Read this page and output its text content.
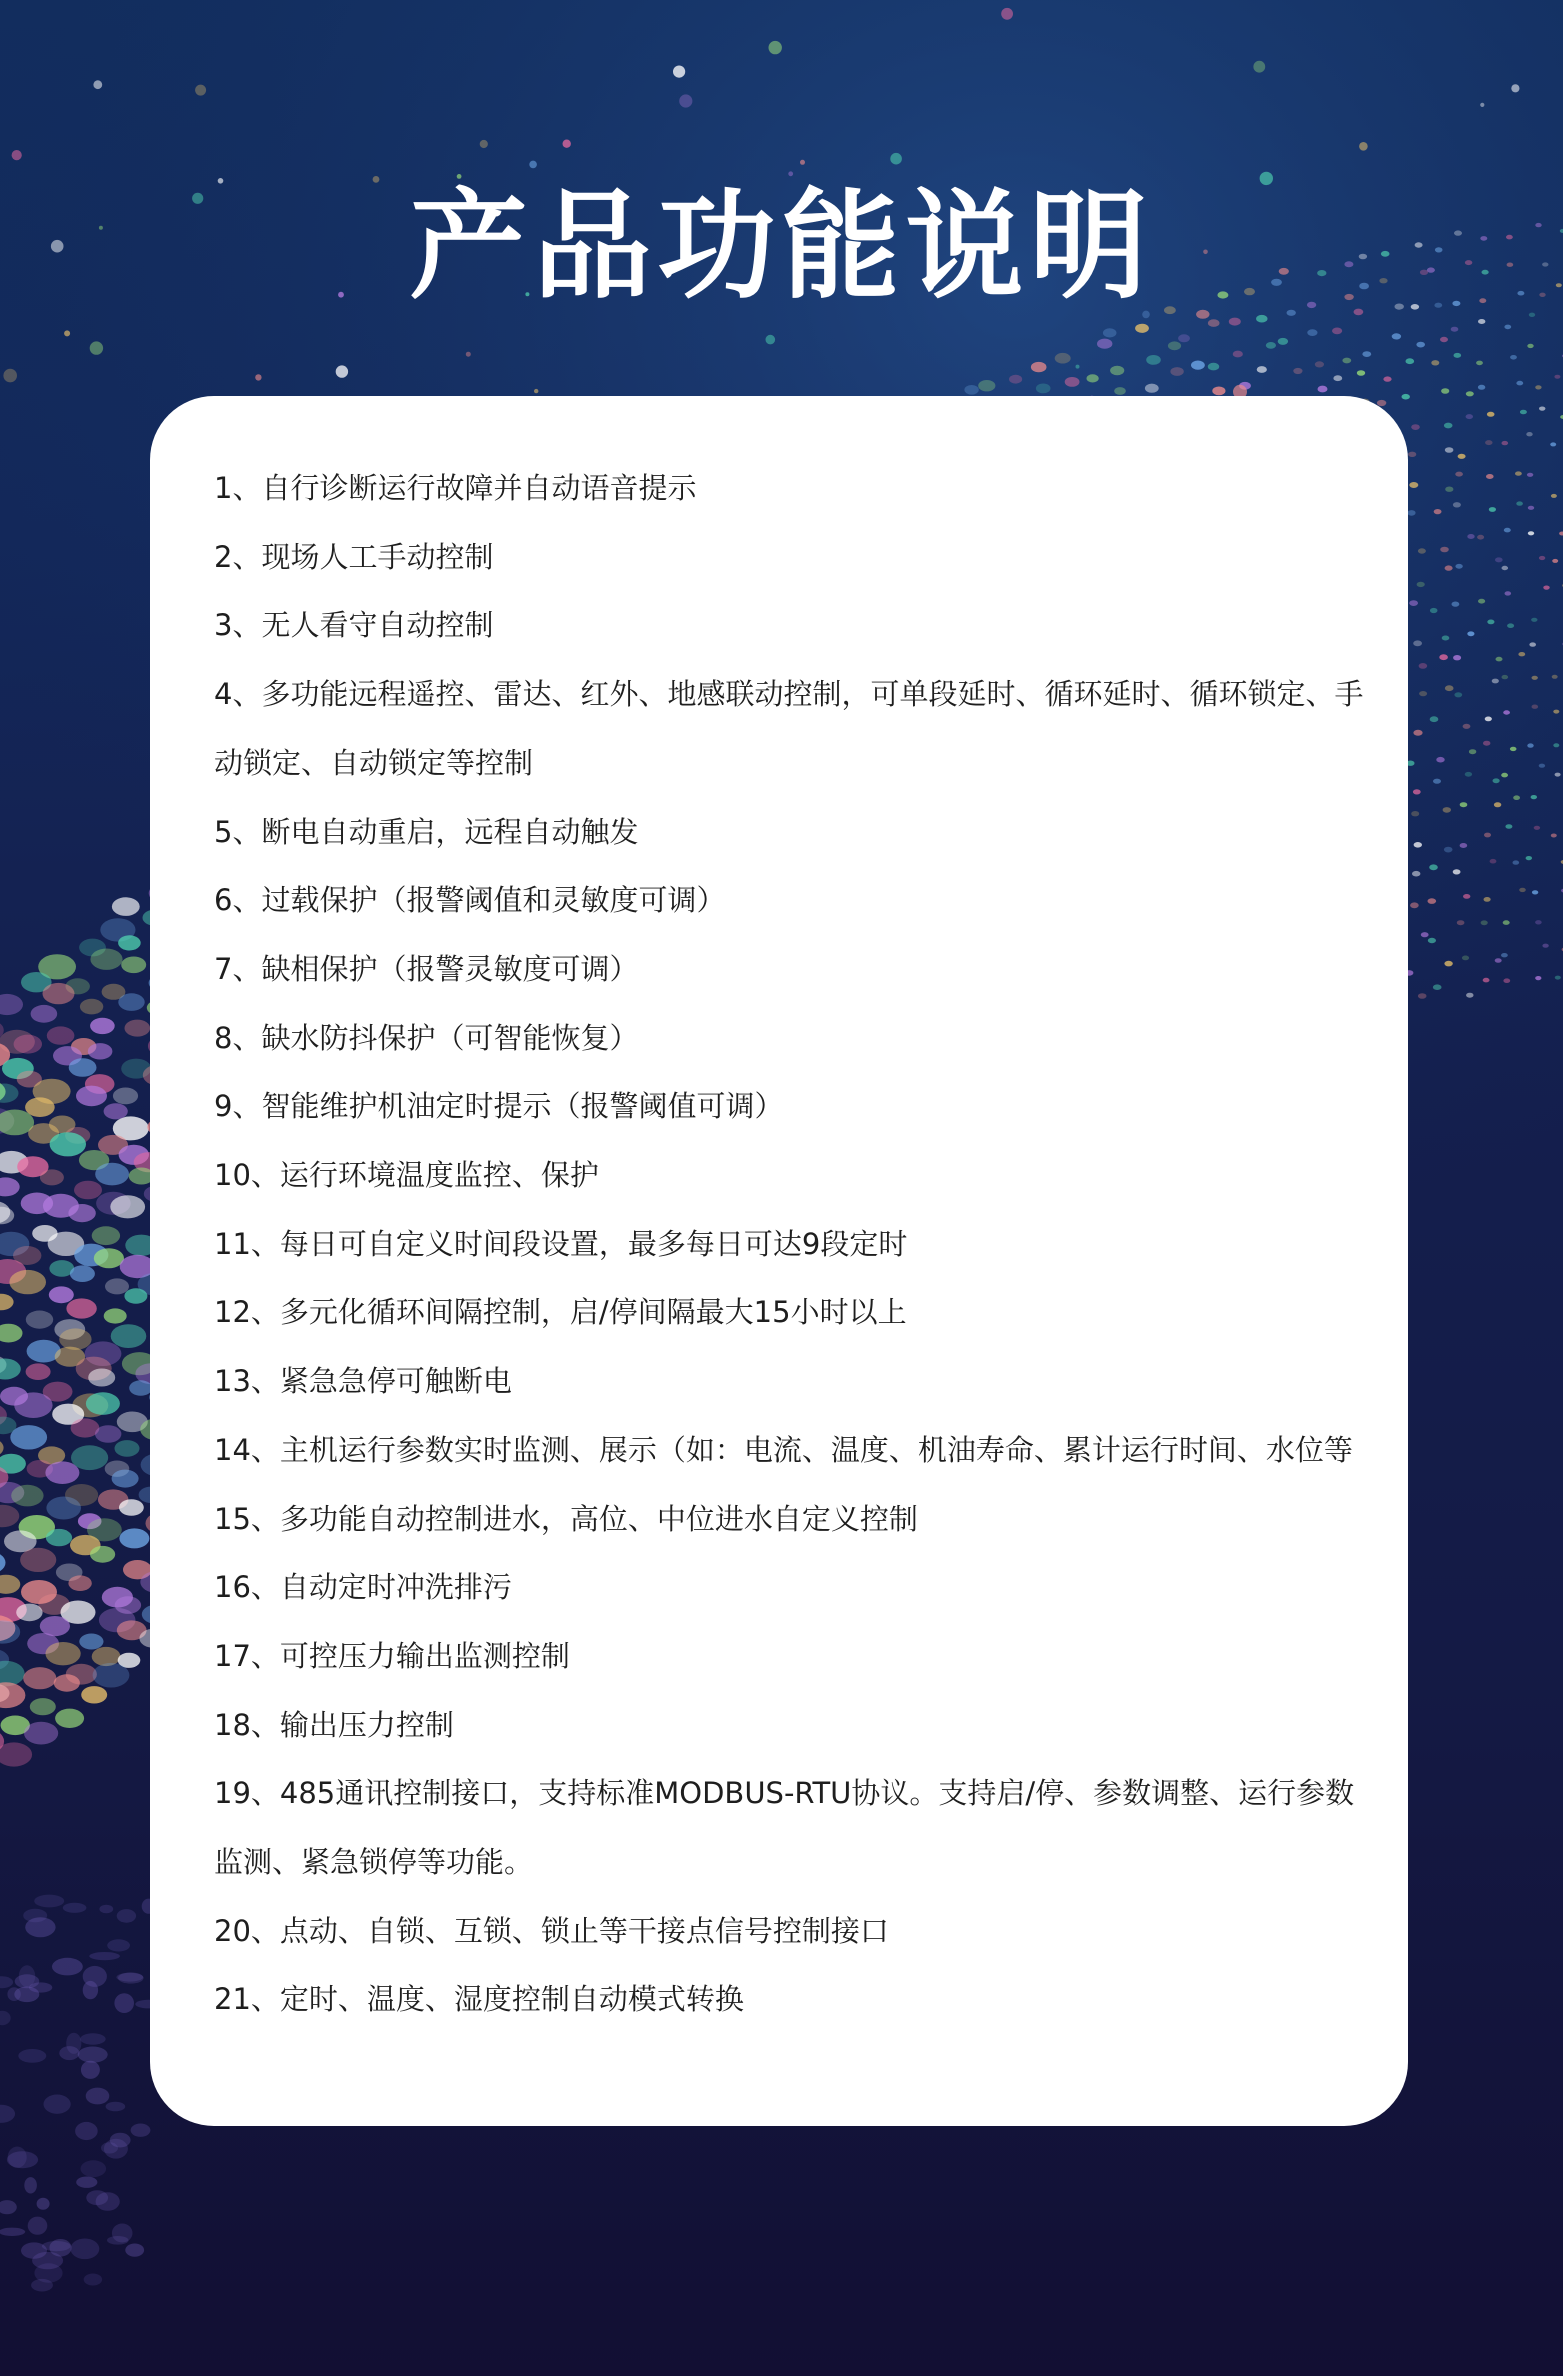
产品功能说明
1、自行诊断运行故障并自动语音提示
2、现场人工手动控制
3、无人看守自动控制
4、多功能远程遥控、雷达、红外、地感联动控制，可单段延时、循环延时、循环锁定、手动锁定、自动锁定等控制
5、断电自动重启，远程自动触发
6、过载保护（报警阈值和灵敏度可调）
7、缺相保护（报警灵敏度可调）
8、缺水防抖保护（可智能恢复）
9、智能维护机油定时提示（报警阈值可调）
10、运行环境温度监控、保护
11、每日可自定义时间段设置，最多每日可达9段定时
12、多元化循环间隔控制，启/停间隔最大15小时以上
13、紧急急停可触断电
14、主机运行参数实时监测、展示（如：电流、温度、机油寿命、累计运行时间、水位等
15、多功能自动控制进水，高位、中位进水自定义控制
16、自动定时冲洗排污
17、可控压力输出监测控制
18、输出压力控制
19、485通讯控制接口，支持标准MODBUS-RTU协议。支持启/停、参数调整、运行参数监测、紧急锁停等功能。
20、点动、自锁、互锁、锁止等干接点信号控制接口
21、定时、温度、湿度控制自动模式转换
